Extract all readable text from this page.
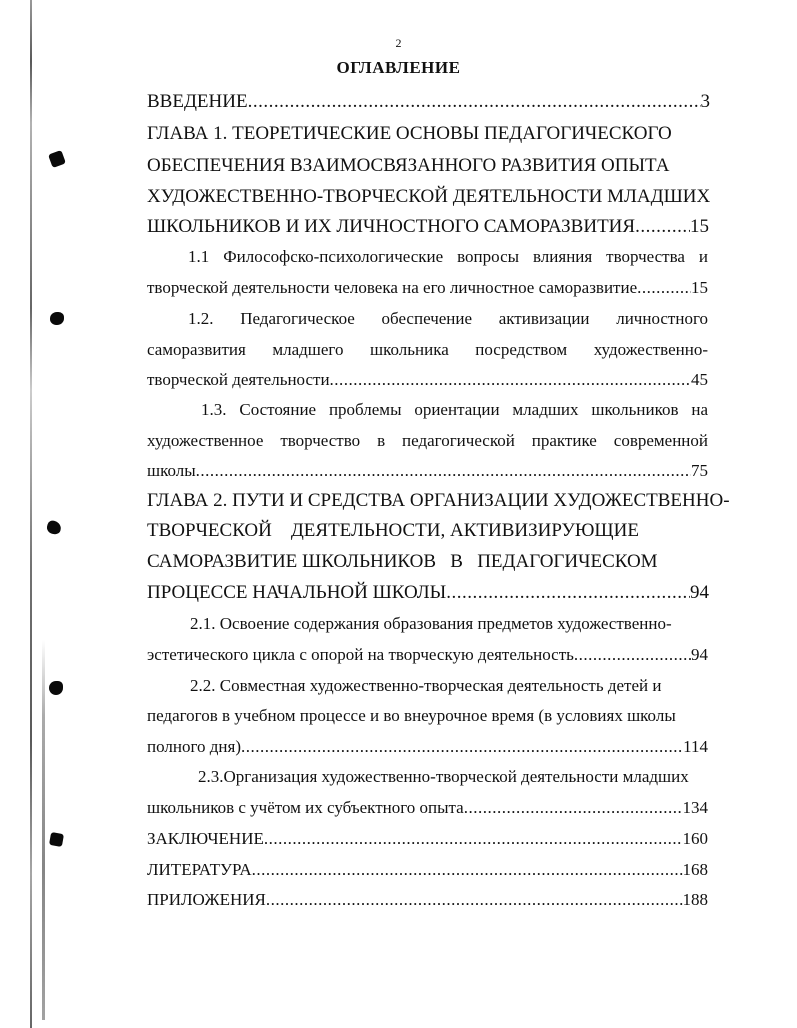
2
ОГЛАВЛЕНИЕ
ВВЕДЕНИЕ .....	3
ГЛАВА 1. ТЕОРЕТИЧЕСКИЕ ОСНОВЫ ПЕДАГОГИЧЕСКОГО
ОБЕСПЕЧЕНИЯ ВЗАИМОСВЯЗАННОГО РАЗВИТИЯ ОПЫТА
ХУДОЖЕСТВЕННО-ТВОРЧЕСКОЙ ДЕЯТЕЛЬНОСТИ МЛАДШИХ
ШКОЛЬНИКОВ И ИХ ЛИЧНОСТНОГО САМОРАЗВИТИЯ .....	15
1.1 Философско-психологические вопросы влияния творчества и
творческой деятельности человека на его личностное саморазвитие .....	15
1.2. Педагогическое обеспечение активизации личностного
саморазвития младшего школьника посредством художественно-
творческой деятельности .....	45
1.3. Состояние проблемы ориентации младших школьников на
художественное творчество в педагогической практике современной
школы .....	75
ГЛАВА 2. ПУТИ И СРЕДСТВА ОРГАНИЗАЦИИ ХУДОЖЕСТВЕННО-
ТВОРЧЕСКОЙ    ДЕЯТЕЛЬНОСТИ, АКТИВИЗИРУЮЩИЕ
САМОРАЗВИТИЕ ШКОЛЬНИКОВ   В   ПЕДАГОГИЧЕСКОМ
ПРОЦЕССЕ НАЧАЛЬНОЙ ШКОЛЫ .....	94
2.1. Освоение содержания образования предметов художественно-
эстетического цикла с опорой на творческую деятельность .....	94
2.2. Совместная художественно-творческая деятельность детей и
педагогов в учебном процессе и во внеурочное время (в условиях школы
полного дня) .....	114
2.3.Организация художественно-творческой деятельности младших
школьников с учётом их субъектного опыта .....	134
ЗАКЛЮЧЕНИЕ .....	160
ЛИТЕРАТУРА .....	168
ПРИЛОЖЕНИЯ .....	188
